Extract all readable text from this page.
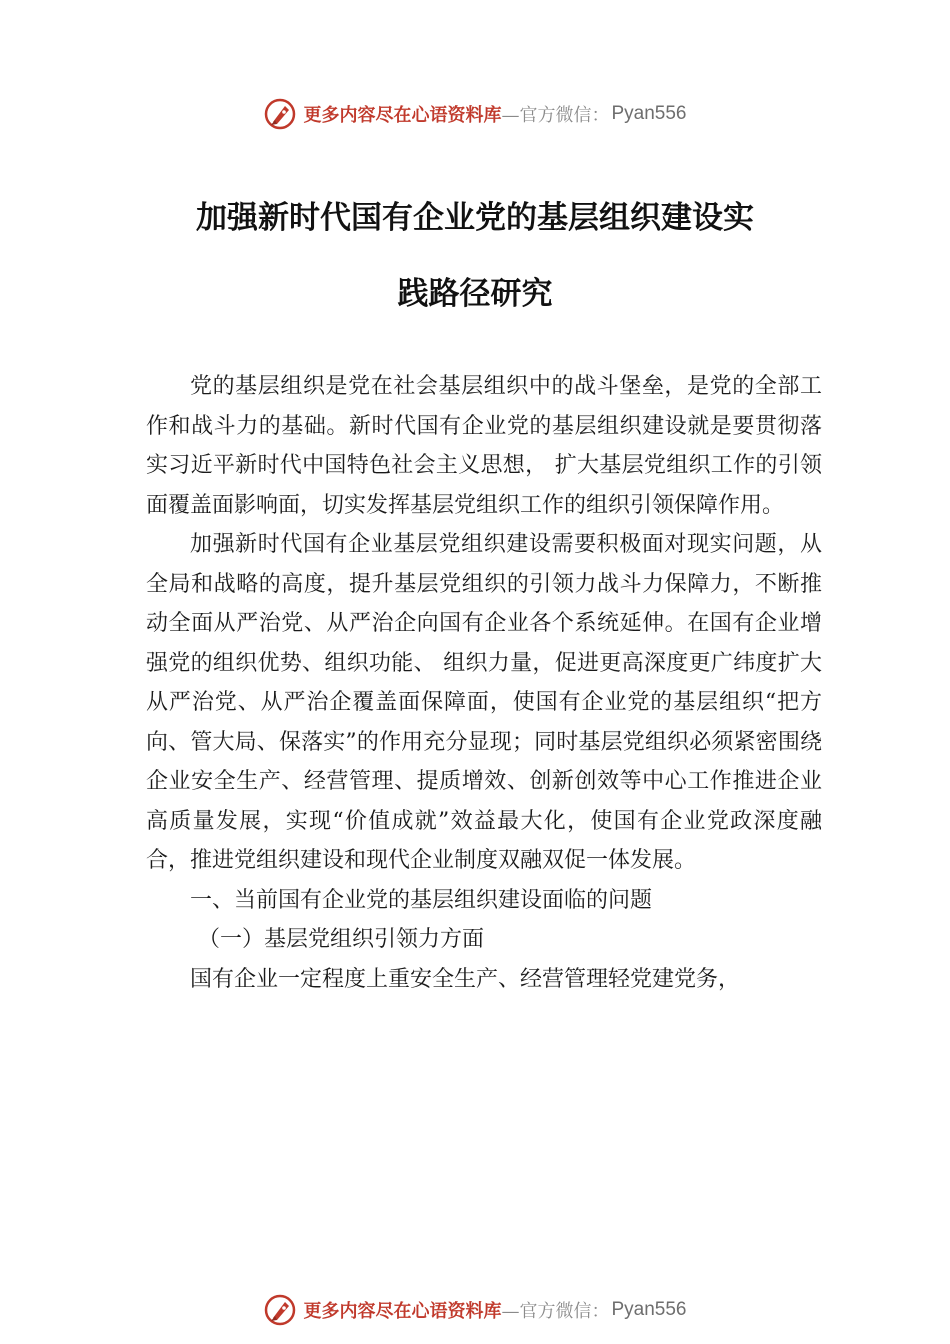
更多内容尽在心语资料库 —官方微信： Pyan556
加强新时代国有企业党的基层组织建设实
践路径研究

党的基层组织是党在社会基层组织中的战斗堡垒，是党的全部工作和战斗力的基础。新时代国有企业党的基层组织建设就是要贯彻落实习近平新时代中国特色社会主义思想， 扩大基层党组织工作的引领面覆盖面影响面，切实发挥基层党组织工作的组织引领保障作用。

加强新时代国有企业基层党组织建设需要积极面对现实问题，从全局和战略的高度，提升基层党组织的引领力战斗力保障力，不断推动全面从严治党、从严治企向国有企业各个系统延伸。在国有企业增强党的组织优势、组织功能、 组织力量，促进更高深度更广纬度扩大从严治党、从严治企覆盖面保障面，使国有企业党的基层组织“把方向、管大局、保落实”的作用充分显现；同时基层党组织必须紧密围绕企业安全生产、经营管理、提质增效、创新创效等中心工作推进企业高质量发展，实现“价值成就”效益最大化，使国有企业党政深度融合，推进党组织建设和现代企业制度双融双促一体发展。

一、当前国有企业党的基层组织建设面临的问题

（一）基层党组织引领力方面

国有企业一定程度上重安全生产、经营管理轻党建党务，

更多内容尽在心语资料库 —官方微信： Pyan556
